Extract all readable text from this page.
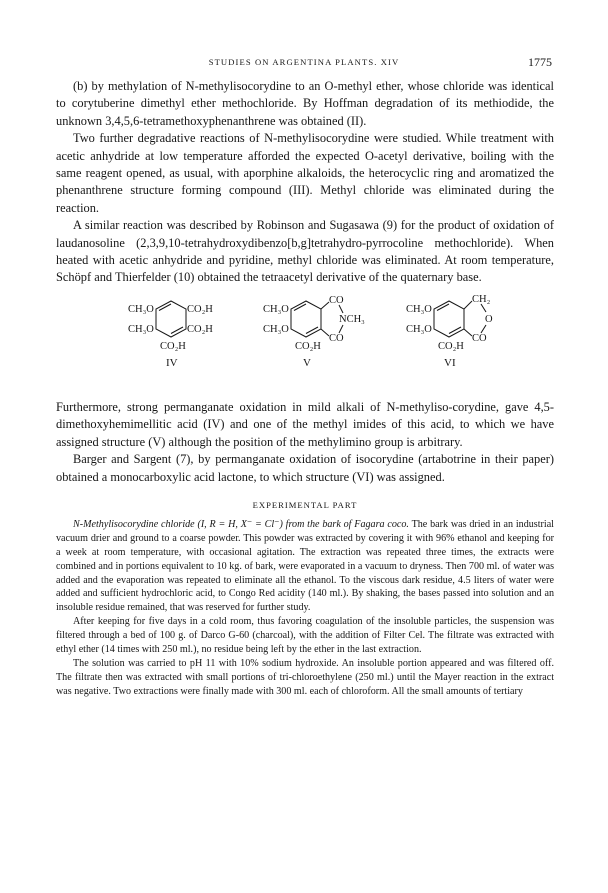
STUDIES ON ARGENTINA PLANTS. XIV	1775

(b) by methylation of N-methylisocorydine to an O-methyl ether, whose chloride was identical to corytuberine dimethyl ether methochloride. By Hoffman degradation of its methiodide, the unknown 3,4,5,6-tetramethoxyphenanthrene was obtained (II).

Two further degradative reactions of N-methylisocorydine were studied. While treatment with acetic anhydride at low temperature afforded the expected O-acetyl derivative, boiling with the same reagent opened, as usual, with aporphine alkaloids, the heterocyclic ring and aromatized the phenanthrene structure forming compound (III). Methyl chloride was eliminated during the reaction.

A similar reaction was described by Robinson and Sugasawa (9) for the product of oxidation of laudanosoline (2,3,9,10-tetrahydroxydibenzo[b,g]tetrahydro-pyrrocoline methochloride). When heated with acetic anhydride and pyridine, methyl chloride was eliminated. At room temperature, Schöpf and Thierfelder (10) obtained the tetraacetyl derivative of the quaternary base.

CH₃O	CO₂H
CH₃O	CO₂H
CO₂H
IV
CH₃O
CH₃O
CO
NCH₃
CO
CO₂H
V
CH₃O
CH₃O
CH₂
O
CO
CO₂H
VI

Furthermore, strong permanganate oxidation in mild alkali of N-methyliso-corydine, gave 4,5-dimethoxyhemimellitic acid (IV) and one of the methyl imides of this acid, to which we have assigned structure (V) although the position of the methylimino group is arbitrary.

Barger and Sargent (7), by permanganate oxidation of isocorydine (artabotrine in their paper) obtained a monocarboxylic acid lactone, to which structure (VI) was assigned.

EXPERIMENTAL PART

N-Methylisocorydine chloride (I, R = H, X⁻ = Cl⁻) from the bark of Fagara coco. The bark was dried in an industrial vacuum drier and ground to a coarse powder. This powder was extracted by covering it with 96% ethanol and keeping for a week at room temperature, with occasional agitation. The extraction was repeated three times, the extracts were combined and in portions equivalent to 10 kg. of bark, were evaporated in a vacuum to dryness. Then 700 ml. of water was added and the evaporation was repeated to eliminate all the ethanol. To the viscous dark residue, 4.5 liters of water were added and sufficient hydrochloric acid, to Congo Red acidity (140 ml.). By shaking, the bases passed into solution and an insoluble residue remained, that was reserved for further study.

After keeping for five days in a cold room, thus favoring coagulation of the insoluble particles, the suspension was filtered through a bed of 100 g. of Darco G-60 (charcoal), with the addition of Filter Cel. The filtrate was extracted with ethyl ether (14 times with 250 ml.), no residue being left by the ether in the last extraction.

The solution was carried to pH 11 with 10% sodium hydroxide. An insoluble portion appeared and was filtered off. The filtrate then was extracted with small portions of tri-chloroethylene (250 ml.) until the Mayer reaction in the extract was negative. Two extractions were finally made with 300 ml. each of chloroform. All the small amounts of tertiary
